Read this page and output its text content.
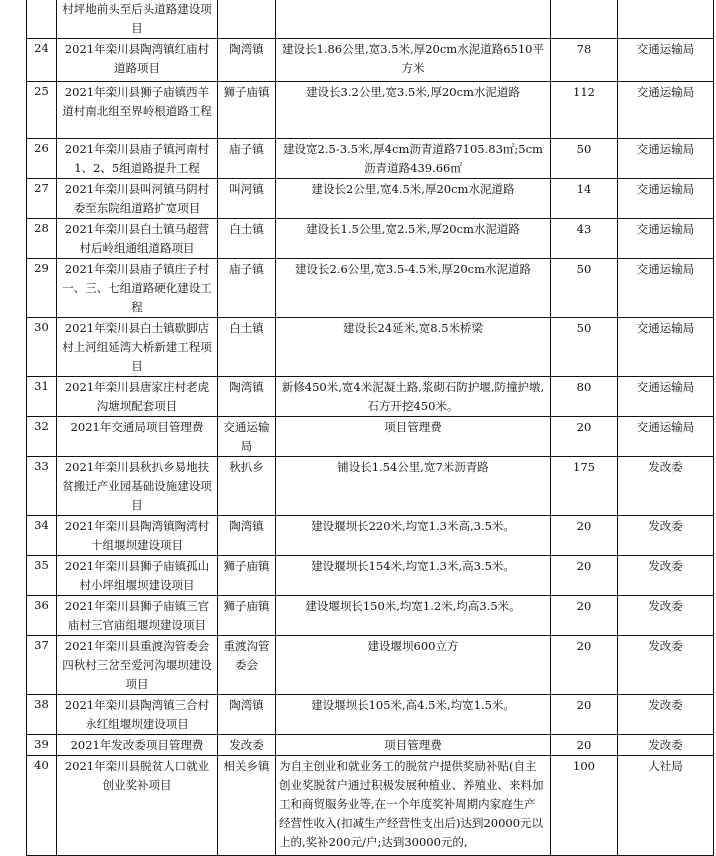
	村坪地前头至后头道路建设项目				
24	2021年栾川县陶湾镇红庙村道路项目	陶湾镇	建设长1.86公里,宽3.5米,厚20cm水泥道路6510平方米	78	交通运输局
25	2021年栾川县狮子庙镇西羊道村南北组至界岭根道路工程	狮子庙镇	建设长3.2公里,宽3.5米,厚20cm水泥道路	112	交通运输局
26	2021年栾川县庙子镇河南村1、2、5组道路提升工程	庙子镇	建设宽2.5-3.5米,厚4cm沥青道路7105.83㎡;5cm沥青道路439.66㎡	50	交通运输局
27	2021年栾川县叫河镇马阴村委至东院组道路扩宽项目	叫河镇	建设长2公里,宽4.5米,厚20cm水泥道路	14	交通运输局
28	2021年栾川县白土镇马超营村后岭组通组道路项目	白土镇	建设长1.5公里,宽2.5米,厚20cm水泥道路	43	交通运输局
29	2021年栾川县庙子镇庄子村一、三、七组道路硬化建设工程	庙子镇	建设长2.6公里,宽3.5-4.5米,厚20cm水泥道路	50	交通运输局
30	2021年栾川县白土镇歇脚店村上河组延湾大桥新建工程项目	白土镇	建设长24延米,宽8.5米桥梁	50	交通运输局
31	2021年栾川县唐家庄村老虎沟塘坝配套项目	陶湾镇	新修450米,宽4米泥凝土路,浆砌石防护堰,防撞护墩,石方开挖450米。	80	交通运输局
32	2021年交通局项目管理费	交通运输局	项目管理费	20	交通运输局
33	2021年栾川县秋扒乡易地扶贫搬迁产业园基础设施建设项目	秋扒乡	铺设长1.54公里,宽7米沥青路	175	发改委
34	2021年栾川县陶湾镇陶湾村十组堰坝建设项目	陶湾镇	建设堰坝长220米,均宽1.3米高,3.5米。	20	发改委
35	2021年栾川县狮子庙镇孤山村小坪组堰坝建设项目	狮子庙镇	建设堰坝长154米,均宽1.3米,高3.5米。	20	发改委
36	2021年栾川县狮子庙镇三官庙村三官庙组堰坝建设项目	狮子庙镇	建设堰坝长150米,均宽1.2米,均高3.5米。	20	发改委
37	2021年栾川县重渡沟管委会四秋村三岔至爱河沟堰坝建设项目	重渡沟管委会	建设堰坝600立方	20	发改委
38	2021年栾川县陶湾镇三合村永红组堰坝建设项目	陶湾镇	建设堰坝长105米,高4.5米,均宽1.5米。	20	发改委
39	2021年发改委项目管理费	发改委	项目管理费	20	发改委
40	2021年栾川县脱贫人口就业创业奖补项目	相关乡镇	为自主创业和就业务工的脱贫户提供奖励补贴(自主创业奖脱贫户通过积极发展种植业、养殖业、来料加工和商贸服务业等,在一个年度奖补周期内家庭生产经营性收入(扣减生产经营性支出后)达到20000元以上的,奖补200元/户;达到30000元的,	100	人社局
